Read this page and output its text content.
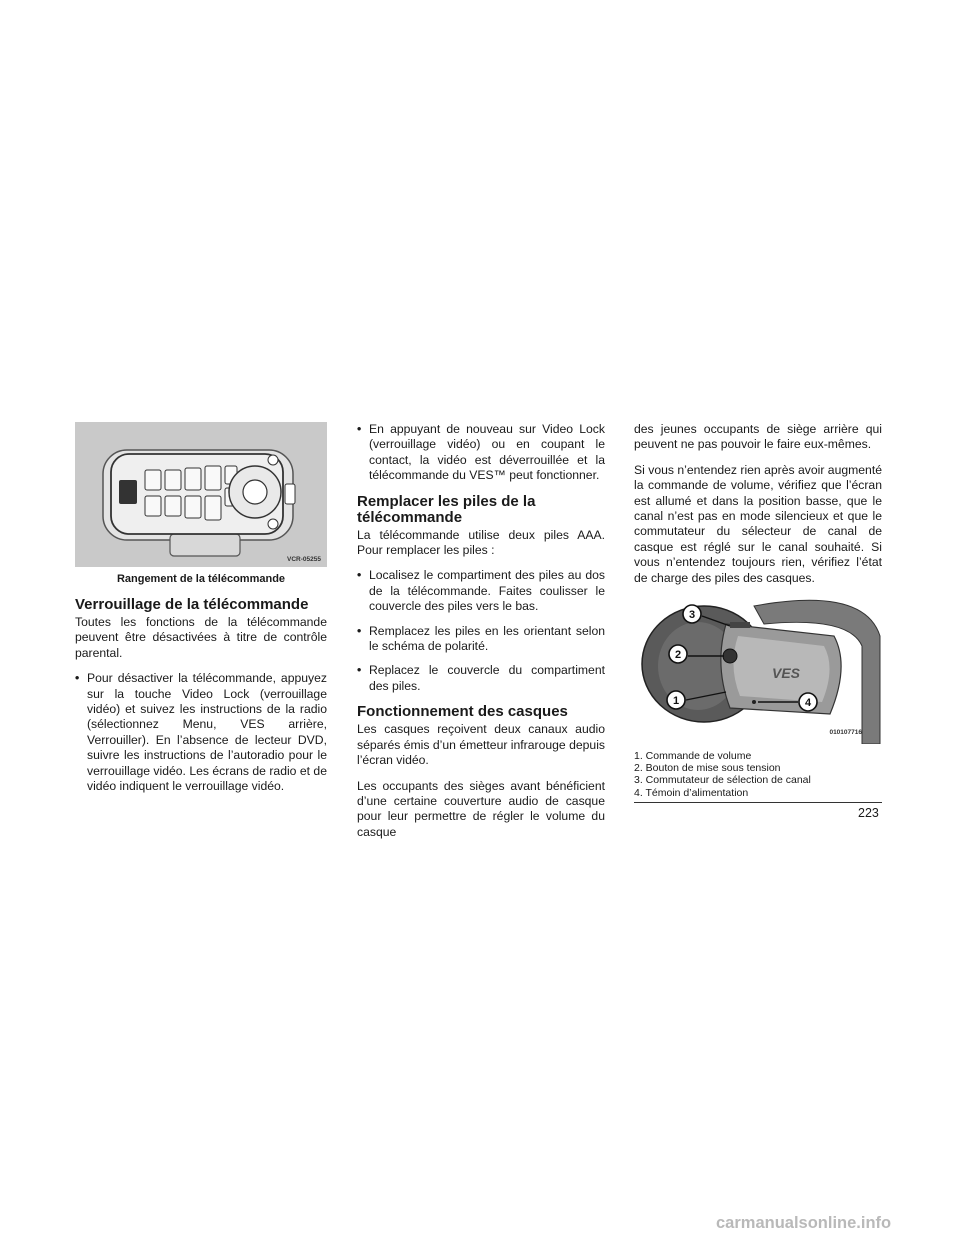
VCR-05255
Rangement de la télécommande
Verrouillage de la télécommande

Toutes les fonctions de la télécommande peuvent être désactivées à titre de contrôle parental.

• Pour désactiver la télécommande, appuyez sur la touche Video Lock (verrouillage vidéo) et suivez les instructions de la radio (sélectionnez Menu, VES arrière, Verrouiller). En l’absence de lecteur DVD, suivre les instructions de l’autoradio pour le verrouillage vidéo. Les écrans de radio et de vidéo indiquent le verrouillage vidéo.
• En appuyant de nouveau sur Video Lock (verrouillage vidéo) ou en coupant le contact, la vidéo est déverrouillée et la télécommande du VES™ peut fonctionner.
Remplacer les piles de la télécommande

La télécommande utilise deux piles AAA. Pour remplacer les piles :

• Localisez le compartiment des piles au dos de la télécommande. Faites coulisser le couvercle des piles vers le bas.
• Remplacez les piles en les orientant selon le schéma de polarité.
• Replacez le couvercle du compartiment des piles.
Fonctionnement des casques

Les casques reçoivent deux canaux audio séparés émis d’un émetteur infrarouge depuis l’écran vidéo.

Les occupants des sièges avant bénéficient d’une certaine couverture audio de casque pour leur permettre de régler le volume du casque

des jeunes occupants de siège arrière qui peuvent ne pas pouvoir le faire eux-mêmes.

Si vous n’entendez rien après avoir augmenté la commande de volume, vérifiez que l’écran est allumé et dans la position basse, que le canal n’est pas en mode silencieux et que le commutateur du sélecteur de canal de casque est réglé sur le canal souhaité. Si vous n’entendez toujours rien, vérifiez l’état de charge des piles des casques.

VES
3
2
1	4
010107716
1. Commande de volume
2. Bouton de mise sous tension
3. Commutateur de sélection de canal
4. Témoin d’alimentation
223
carmanualsonline.info
